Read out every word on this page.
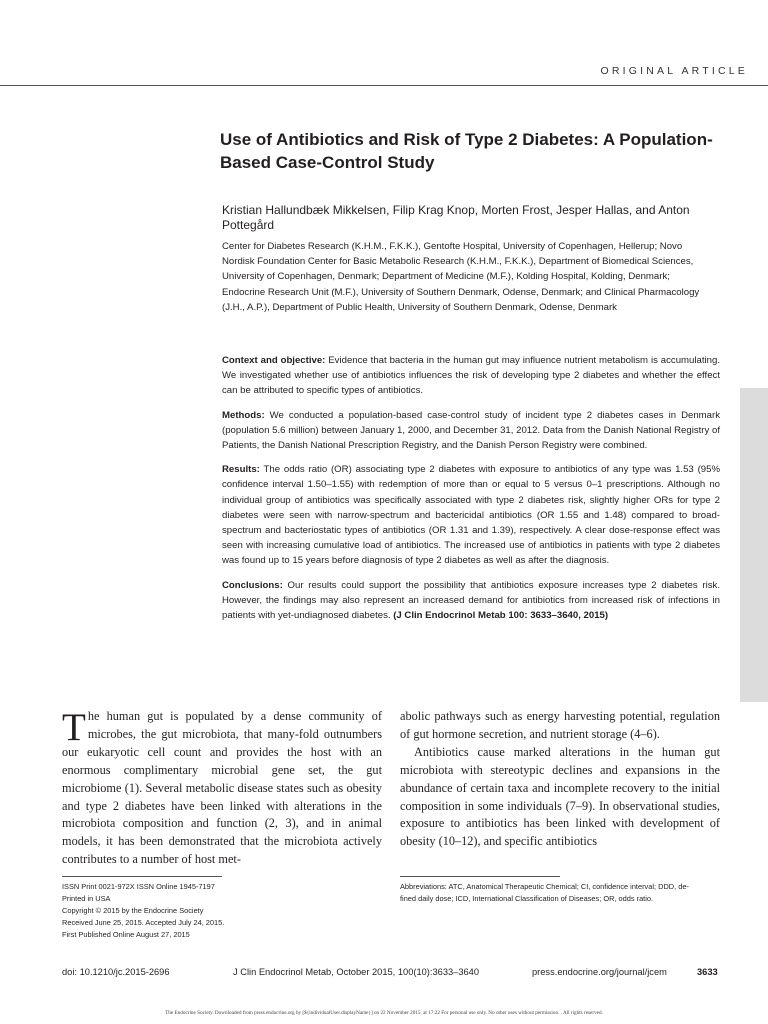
ORIGINAL ARTICLE
Use of Antibiotics and Risk of Type 2 Diabetes: A Population-Based Case-Control Study
Kristian Hallundbæk Mikkelsen, Filip Krag Knop, Morten Frost, Jesper Hallas, and Anton Pottegård
Center for Diabetes Research (K.H.M., F.K.K.), Gentofte Hospital, University of Copenhagen, Hellerup; Novo Nordisk Foundation Center for Basic Metabolic Research (K.H.M., F.K.K.), Department of Biomedical Sciences, University of Copenhagen, Denmark; Department of Medicine (M.F.), Kolding Hospital, Kolding, Denmark; Endocrine Research Unit (M.F.), University of Southern Denmark, Odense, Denmark; and Clinical Pharmacology (J.H., A.P.), Department of Public Health, University of Southern Denmark, Odense, Denmark

Context and objective: Evidence that bacteria in the human gut may influence nutrient metabolism is accumulating. We investigated whether use of antibiotics influences the risk of developing type 2 diabetes and whether the effect can be attributed to specific types of antibiotics.

Methods: We conducted a population-based case-control study of incident type 2 diabetes cases in Denmark (population 5.6 million) between January 1, 2000, and December 31, 2012. Data from the Danish National Registry of Patients, the Danish National Prescription Registry, and the Danish Person Registry were combined.

Results: The odds ratio (OR) associating type 2 diabetes with exposure to antibiotics of any type was 1.53 (95% confidence interval 1.50–1.55) with redemption of more than or equal to 5 versus 0–1 prescriptions. Although no individual group of antibiotics was specifically associated with type 2 diabetes risk, slightly higher ORs for type 2 diabetes were seen with narrow-spectrum and bactericidal antibiotics (OR 1.55 and 1.48) compared to broad-spectrum and bacteriostatic types of antibiotics (OR 1.31 and 1.39), respectively. A clear dose-response effect was seen with increasing cumulative load of antibiotics. The increased use of antibiotics in patients with type 2 diabetes was found up to 15 years before diagnosis of type 2 diabetes as well as after the diagnosis.

Conclusions: Our results could support the possibility that antibiotics exposure increases type 2 diabetes risk. However, the findings may also represent an increased demand for antibiotics from increased risk of infections in patients with yet-undiagnosed diabetes. (J Clin Endocrinol Metab 100: 3633–3640, 2015)

The human gut is populated by a dense community of microbes, the gut microbiota, that many-fold outnumbers our eukaryotic cell count and provides the host with an enormous complimentary microbial gene set, the gut microbiome (1). Several metabolic disease states such as obesity and type 2 diabetes have been linked with alterations in the microbiota composition and function (2, 3), and in animal models, it has been demonstrated that the microbiota actively contributes to a number of host met-

abolic pathways such as energy harvesting potential, regulation of gut hormone secretion, and nutrient storage (4–6).

Antibiotics cause marked alterations in the human gut microbiota with stereotypic declines and expansions in the abundance of certain taxa and incomplete recovery to the initial composition in some individuals (7–9). In observational studies, exposure to antibiotics has been linked with development of obesity (10–12), and specific antibiotics

ISSN Print 0021-972X ISSN Online 1945-7197
Printed in USA
Copyright © 2015 by the Endocrine Society
Received June 25, 2015. Accepted July 24, 2015.
First Published Online August 27, 2015
Abbreviations: ATC, Anatomical Therapeutic Chemical; CI, confidence interval; DDD, de-
fined daily dose; ICD, International Classification of Diseases; OR, odds ratio.
doi: 10.1210/jc.2015-2696	J Clin Endocrinol Metab, October 2015, 100(10):3633–3640	press.endocrine.org/journal/jcem	3633
The Endocrine Society. Downloaded from press.endocrine.org by [${individualUser.displayName}] on 22 November 2015. at 17:22 For personal use only. No other uses without permission. . All rights reserved.
